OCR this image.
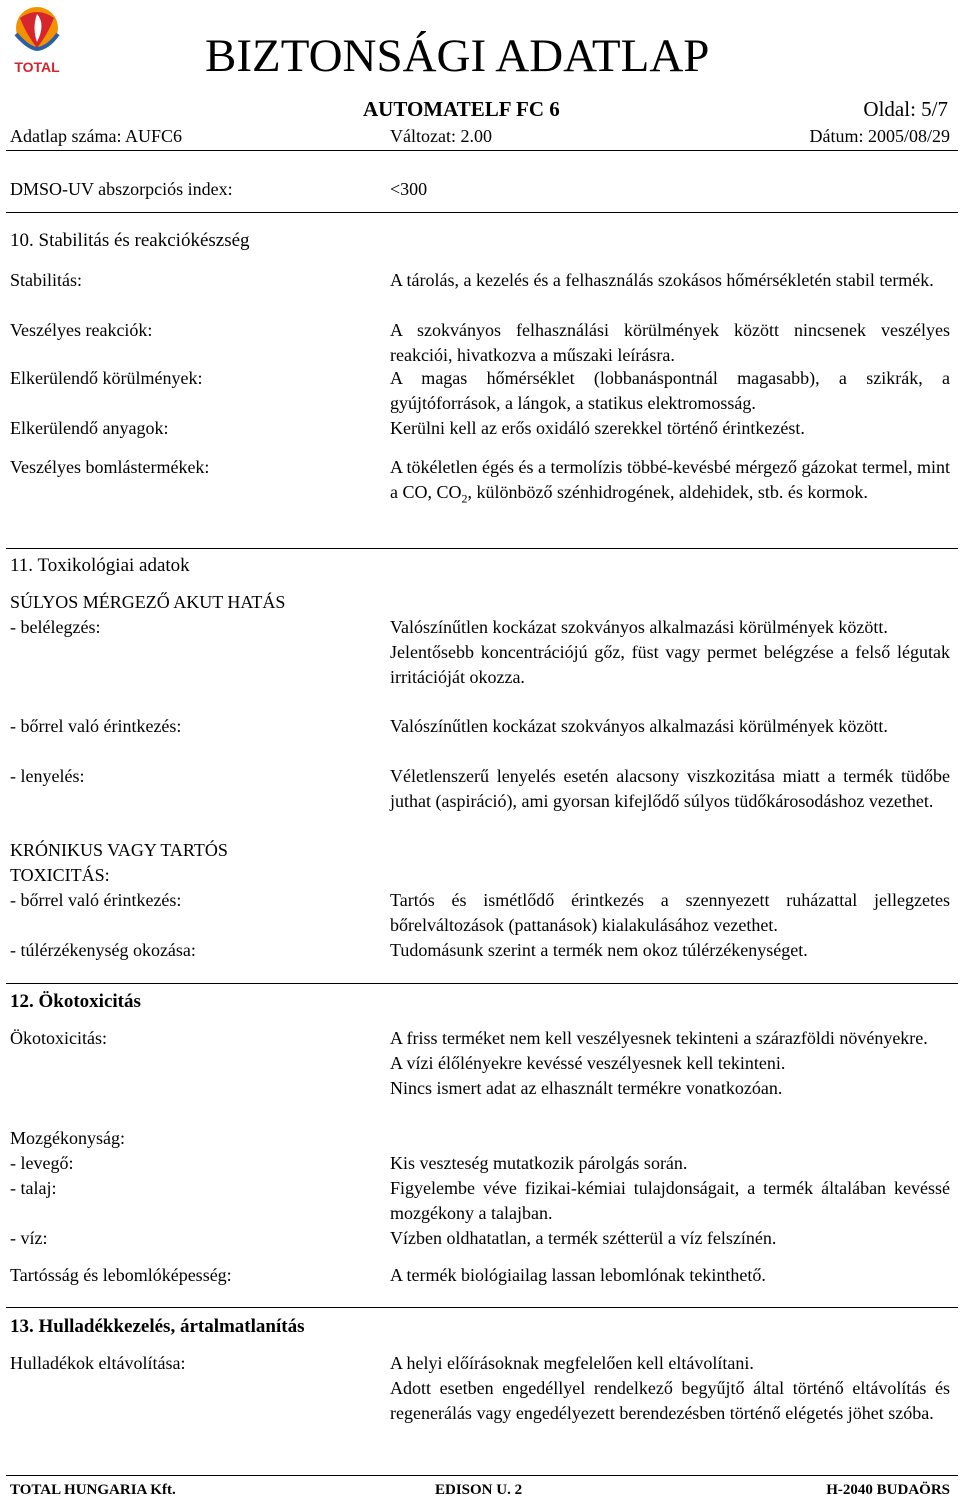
TOTAL	BIZTONSÁGI ADATLAP
AUTOMATELF FC 6	Oldal: 5/7
Adatlap száma: AUFC6	Változat: 2.00	Dátum: 2005/08/29
DMSO-UV abszorpciós index:	<300
10. Stabilitás és reakciókészség
Stabilitás:	A tárolás, a kezelés és a felhasználás szokásos hőmérsékletén stabil termék.
Veszélyes reakciók:	A szokványos felhasználási körülmények között nincsenek veszélyes reakciói, hivatkozva a műszaki leírásra.
Elkerülendő körülmények:	A magas hőmérséklet (lobbanáspontnál magasabb), a szikrák, a gyújtóforrások, a lángok, a statikus elektromosság.
Elkerülendő anyagok:	Kerülni kell az erős oxidáló szerekkel történő érintkezést.
Veszélyes bomlástermékek:	A tökéletlen égés és a termolízis többé-kevésbé mérgező gázokat termel, mint a CO, $CO_2$, különböző szénhidrogének, aldehidek, stb. és kormok.
11. Toxikológiai adatok
SÚLYOS MÉRGEZŐ AKUT HATÁS
- belélegzés:	Valószínűtlen kockázat szokványos alkalmazási körülmények között.

Jelentősebb koncentrációjú gőz, füst vagy permet belégzése a felső légutak irritációját okozza.

- bőrrel való érintkezés:	Valószínűtlen kockázat szokványos alkalmazási körülmények között.
- lenyelés:	Véletlenszerű lenyelés esetén alacsony viszkozitása miatt a termék tüdőbe juthat (aspiráció), ami gyorsan kifejlődő súlyos tüdőkárosodáshoz vezethet.
KRÓNIKUS VAGY TARTÓS
TOXICITÁS:
- bőrrel való érintkezés:	Tartós és ismétlődő érintkezés a szennyezett ruházattal jellegzetes bőrelváltozások (pattanások) kialakulásához vezethet.
- túlérzékenység okozása:	Tudomásunk szerint a termék nem okoz túlérzékenységet.
12. Ökotoxicitás
Ökotoxicitás:	A friss terméket nem kell veszélyesnek tekinteni a szárazföldi növényekre.

A vízi élőlényekre kevéssé veszélyesnek kell tekinteni.

Nincs ismert adat az elhasznált termékre vonatkozóan.

Mozgékonyság:
- levegő:	Kis veszteség mutatkozik párolgás során.
- talaj:	Figyelembe véve fizikai-kémiai tulajdonságait, a termék általában kevéssé mozgékony a talajban.
- víz:	Vízben oldhatatlan, a termék szétterül a víz felszínén.
Tartósság és lebomlóképesség:	A termék biológiailag lassan lebomlónak tekinthető.
13. Hulladékkezelés, ártalmatlanítás
Hulladékok eltávolítása:	A helyi előírásoknak megfelelően kell eltávolítani.

Adott esetben engedéllyel rendelkező begyűjtő által történő eltávolítás és regenerálás vagy engedélyezett berendezésben történő elégetés jöhet szóba.

TOTAL HUNGARIA Kft.	EDISON U. 2	H-2040 BUDAÖRS
